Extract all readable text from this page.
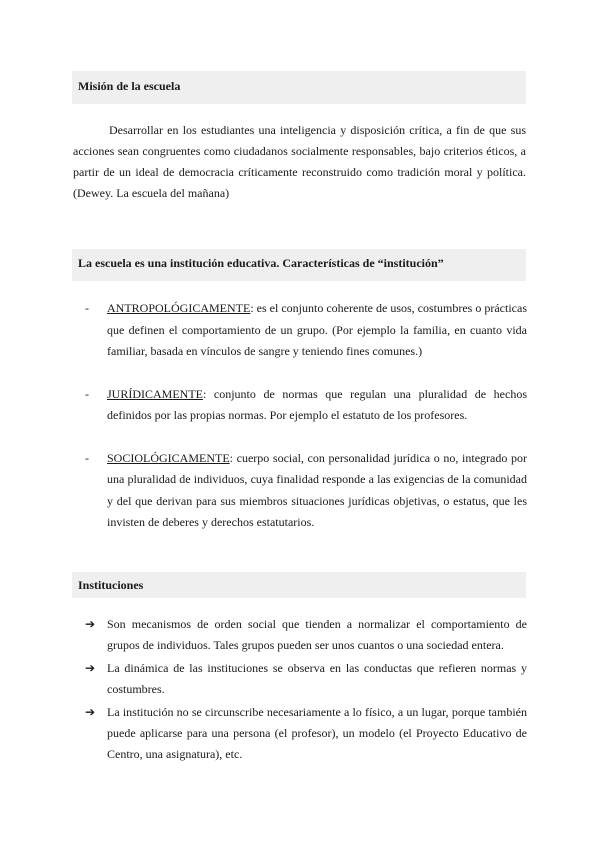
Misión de la escuela
Desarrollar en los estudiantes una inteligencia y disposición crítica, a fin de que sus acciones sean congruentes como ciudadanos socialmente responsables, bajo criterios éticos, a partir de un ideal de democracia críticamente reconstruido como tradición moral y política. (Dewey. La escuela del mañana)
La escuela es una institución educativa. Características de “institución”
- ANTROPOLÓGICAMENTE: es el conjunto coherente de usos, costumbres o prácticas que definen el comportamiento de un grupo. (Por ejemplo la familia, en cuanto vida familiar, basada en vínculos de sangre y teniendo fines comunes.)
- JURÍDICAMENTE: conjunto de normas que regulan una pluralidad de hechos definidos por las propias normas. Por ejemplo el estatuto de los profesores.
- SOCIOLÓGICAMENTE: cuerpo social, con personalidad jurídica o no, integrado por una pluralidad de individuos, cuya finalidad responde a las exigencias de la comunidad y del que derivan para sus miembros situaciones jurídicas objetivas, o estatus, que les invisten de deberes y derechos estatutarios.
Instituciones
➔ Son mecanismos de orden social que tienden a normalizar el comportamiento de grupos de individuos. Tales grupos pueden ser unos cuantos o una sociedad entera.
➔ La dinámica de las instituciones se observa en las conductas que refieren normas y costumbres.
➔ La institución no se circunscribe necesariamente a lo físico, a un lugar, porque también puede aplicarse para una persona (el profesor), un modelo (el Proyecto Educativo de Centro, una asignatura), etc.
